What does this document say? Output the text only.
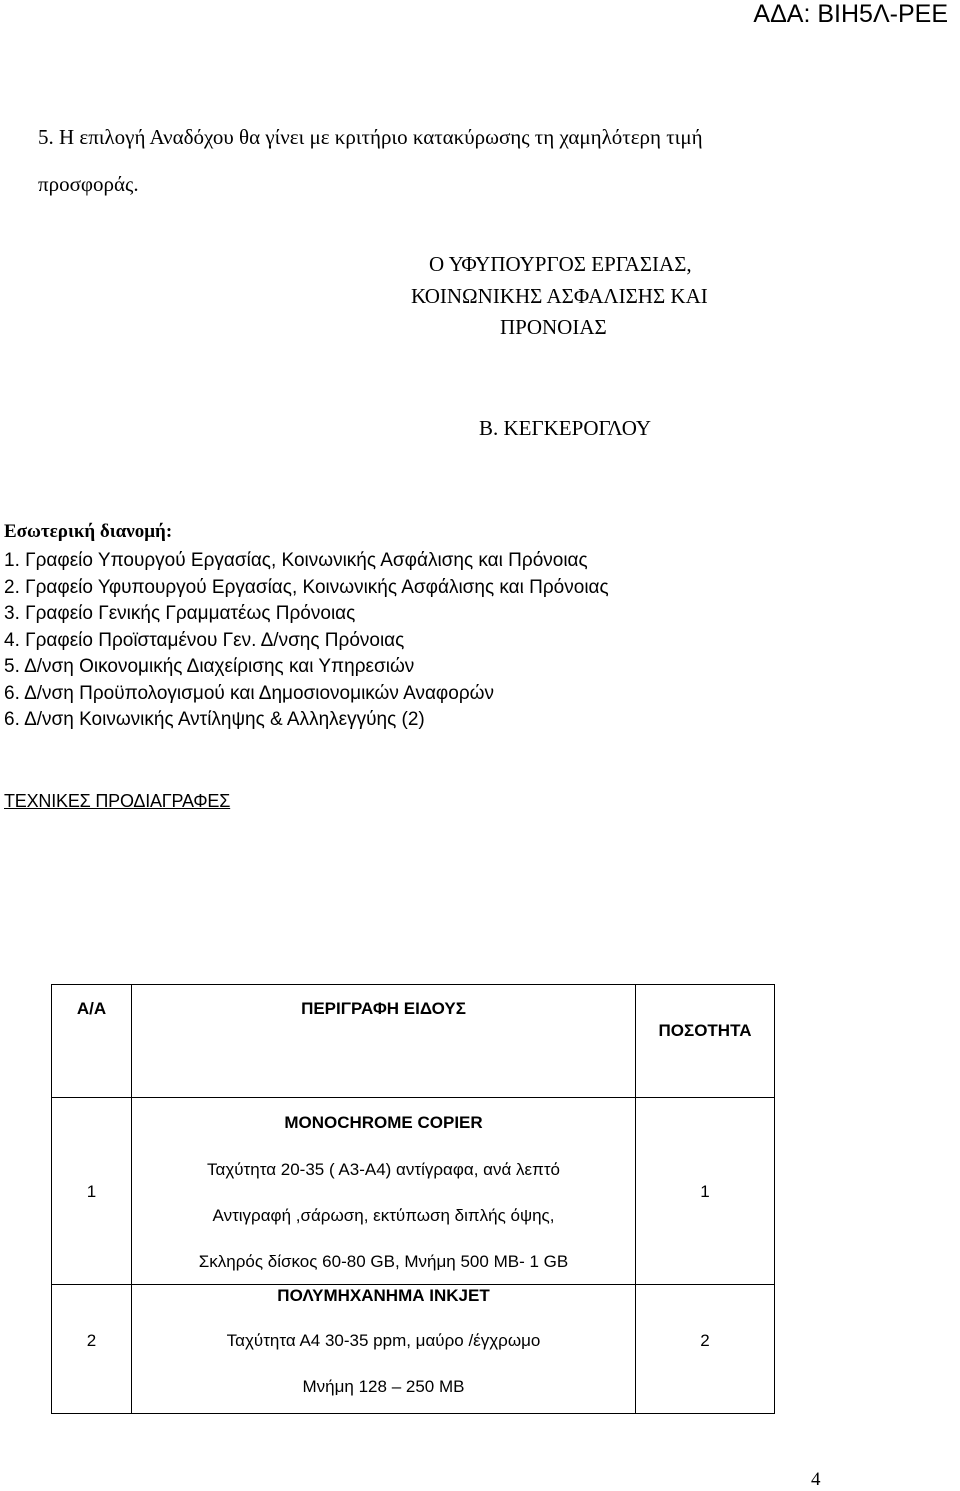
ΑΔΑ: ΒΙΗ5Λ-ΡΕΕ
5. Η επιλογή Αναδόχου θα γίνει με κριτήριο κατακύρωσης τη χαμηλότερη τιμή
προσφοράς.
Ο ΥΦΥΠΟΥΡΓΟΣ ΕΡΓΑΣΙΑΣ,
ΚΟΙΝΩΝΙΚΗΣ ΑΣΦΑΛΙΣΗΣ ΚΑΙ
ΠΡΟΝΟΙΑΣ
Β. ΚΕΓΚΕΡΟΓΛΟΥ
Εσωτερική διανομή:
1. Γραφείο Υπουργού Εργασίας, Κοινωνικής Ασφάλισης και Πρόνοιας
2. Γραφείο Υφυπουργού Εργασίας, Κοινωνικής Ασφάλισης και Πρόνοιας
3. Γραφείο Γενικής Γραμματέως Πρόνοιας
4. Γραφείο Προϊσταμένου Γεν. Δ/νσης Πρόνοιας
5. Δ/νση Οικονομικής Διαχείρισης και Υπηρεσιών
6. Δ/νση Προϋπολογισμού και Δημοσιονομικών Αναφορών
6. Δ/νση Κοινωνικής Αντίληψης & Αλληλεγγύης (2)
ΤΕΧΝΙΚΕΣ ΠΡΟΔΙΑΓΡΑΦΕΣ
Α/Α	ΠΕΡΙΓΡΑΦΗ ΕΙΔΟΥΣ	ΠΟΣΟΤΗΤΑ

1	MONOCHROME COPIER
Ταχύτητα 20-35 ( Α3-Α4) αντίγραφα, ανά λεπτό
Αντιγραφή ,σάρωση, εκτύπωση διπλής όψης,
Σκληρός δίσκος 60-80 GB, Μνήμη 500 ΜΒ- 1 GB	1

2	ΠΟΛΥΜΗΧΑΝΗΜΑ INKJET
Ταχύτητα Α4 30-35 ppm, μαύρο /έγχρωμο
Μνήμη 128 – 250 ΜΒ	2
4
